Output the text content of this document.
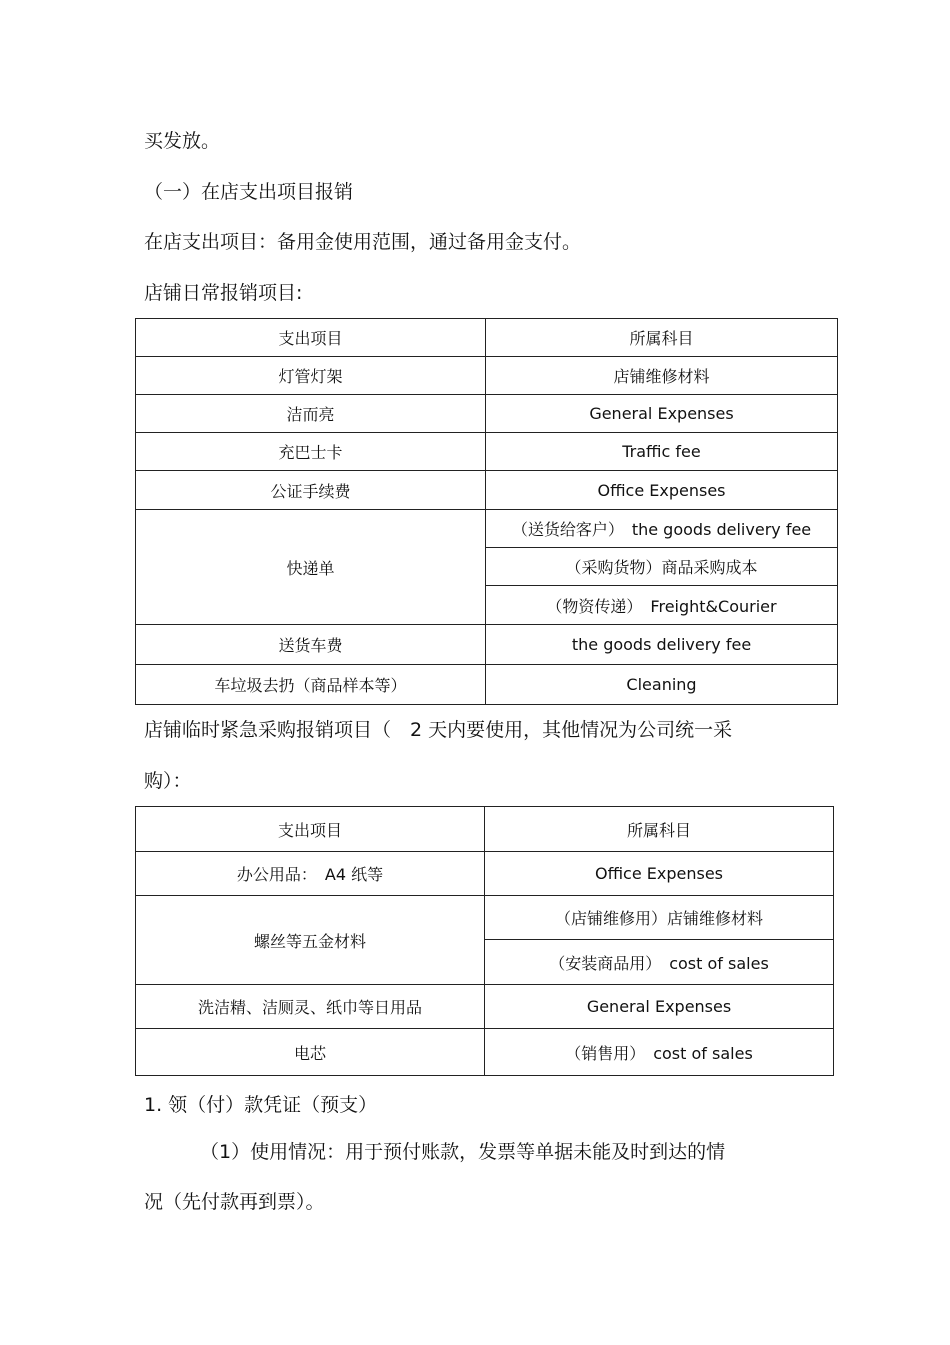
买发放。
（一）在店支出项目报销
在店支出项目：备用金使用范围，通过备用金支付。
店铺日常报销项目:
支出项目	所属科目
灯管灯架	店铺维修材料
洁而亮	General Expenses
充巴士卡	Traffic fee
公证手续费	Office Expenses
快递单	（送货给客户）　the goods delivery fee
	（采购货物）商品采购成本
	（物资传递）　Freight&Courier
送货车费	the goods delivery fee
车垃圾去扔（商品样本等）	Cleaning
店铺临时紧急采购报销项目（　2 天内要使用，其他情况为公司统一采
购）：
支出项目	所属科目
办公用品：　A4 纸等	Office Expenses
螺丝等五金材料	（店铺维修用）店铺维修材料
	（安装商品用）　cost of sales
洗洁精、洁厕灵、纸巾等日用品	General Expenses
电芯	（销售用）　cost of sales
1. 领（付）款凭证（预支）
（1）使用情况：用于预付账款，发票等单据未能及时到达的情
况（先付款再到票）。
